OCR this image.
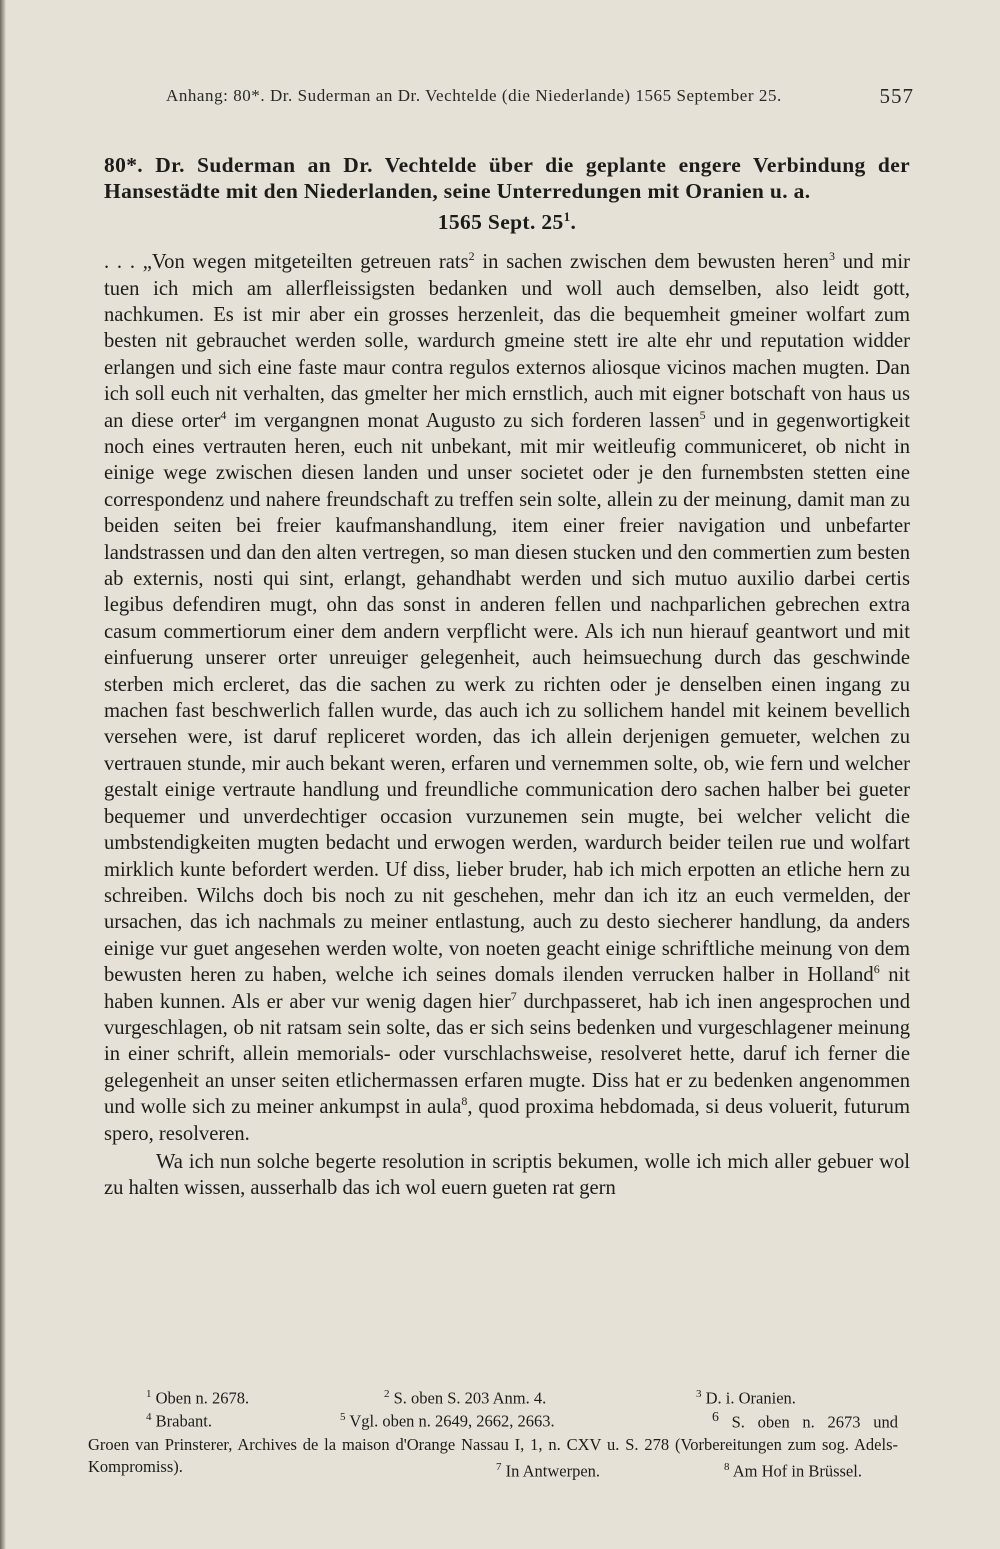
Anhang: 80*. Dr. Suderman an Dr. Vechtelde (die Niederlande) 1565 September 25.	557
80*. Dr. Suderman an Dr. Vechtelde über die geplante engere Verbindung der Hansestädte mit den Niederlanden, seine Unterredungen mit Oranien u. a.
1565 Sept. $25^1$.

. . . „Von wegen mitgeteilten getreuen rats$^2$ in sachen zwischen dem bewusten heren$^3$ und mir tuen ich mich am allerfleissigsten bedanken und woll auch demselben, also leidt gott, nachkumen. Es ist mir aber ein grosses herzenleit, das die bequemheit gmeiner wolfart zum besten nit gebrauchet werden solle, wardurch gmeine stett ire alte ehr und reputation widder erlangen und sich eine faste maur contra regulos externos aliosque vicinos machen mugten. Dan ich soll euch nit verhalten, das gmelter her mich ernstlich, auch mit eigner botschaft von haus us an diese orter$^4$ im vergangnen monat Augusto zu sich forderen lassen$^5$ und in gegenwortigkeit noch eines vertrauten heren, euch nit unbekant, mit mir weitleufig communiceret, ob nicht in einige wege zwischen diesen landen und unser societet oder je den furnembsten stetten eine correspondenz und nahere freundschaft zu treffen sein solte, allein zu der meinung, damit man zu beiden seiten bei freier kaufmanshandlung, item einer freier navigation und unbefarter landstrassen und dan den alten vertregen, so man diesen stucken und den commertien zum besten ab externis, nosti qui sint, erlangt, gehandhabt werden und sich mutuo auxilio darbei certis legibus defendiren mugt, ohn das sonst in anderen fellen und nachparlichen gebrechen extra casum commertiorum einer dem andern verpflicht were. Als ich nun hierauf geantwort und mit einfuerung unserer orter unreuiger gelegenheit, auch heimsuechung durch das geschwinde sterben mich ercleret, das die sachen zu werk zu richten oder je denselben einen ingang zu machen fast beschwerlich fallen wurde, das auch ich zu sollichem handel mit keinem bevellich versehen were, ist daruf repliceret worden, das ich allein derjenigen gemueter, welchen zu vertrauen stunde, mir auch bekant weren, erfaren und vernemmen solte, ob, wie fern und welcher gestalt einige vertraute handlung und freundliche communication dero sachen halber bei gueter bequemer und unverdechtiger occasion vurzunemen sein mugte, bei welcher velicht die umbstendigkeiten mugten bedacht und erwogen werden, wardurch beider teilen rue und wolfart mirklich kunte befordert werden. Uf diss, lieber bruder, hab ich mich erpotten an etliche hern zu schreiben. Wilchs doch bis noch zu nit geschehen, mehr dan ich itz an euch vermelden, der ursachen, das ich nachmals zu meiner entlastung, auch zu desto siecherer handlung, da anders einige vur guet angesehen werden wolte, von noeten geacht einige schriftliche meinung von dem bewusten heren zu haben, welche ich seines domals ilenden verrucken halber in Holland$^6$ nit haben kunnen. Als er aber vur wenig dagen hier$^7$ durchpasseret, hab ich inen angesprochen und vurgeschlagen, ob nit ratsam sein solte, das er sich seins bedenken und vurgeschlagener meinung in einer schrift, allein memorials- oder vurschlachsweise, resolveret hette, daruf ich ferner die gelegenheit an unser seiten etlichermassen erfaren mugte. Diss hat er zu bedenken angenommen und wolle sich zu meiner ankumpst in aula$^8$, quod proxima hebdomada, si deus voluerit, futurum spero, resolveren.

Wa ich nun solche begerte resolution in scriptis bekumen, wolle ich mich aller gebuer wol zu halten wissen, ausserhalb das ich wol euern gueten rat gern

$^1$ Oben n. 2678.	$^2$ S. oben S. 203 Anm. 4.	$^3$ D. i. Oranien.
$^4$ Brabant.	$^5$ Vgl. oben n. 2649, 2662, 2663.	$^6$ S. oben n. 2673 und Groen van Prinsterer, Archives de la maison d'Orange Nassau I, 1, n. CXV u. S. 278 (Vorbereitungen zum sog. Adels-Kompromiss).	$^7$ In Antwerpen.	$^8$ Am Hof in Brüssel.
